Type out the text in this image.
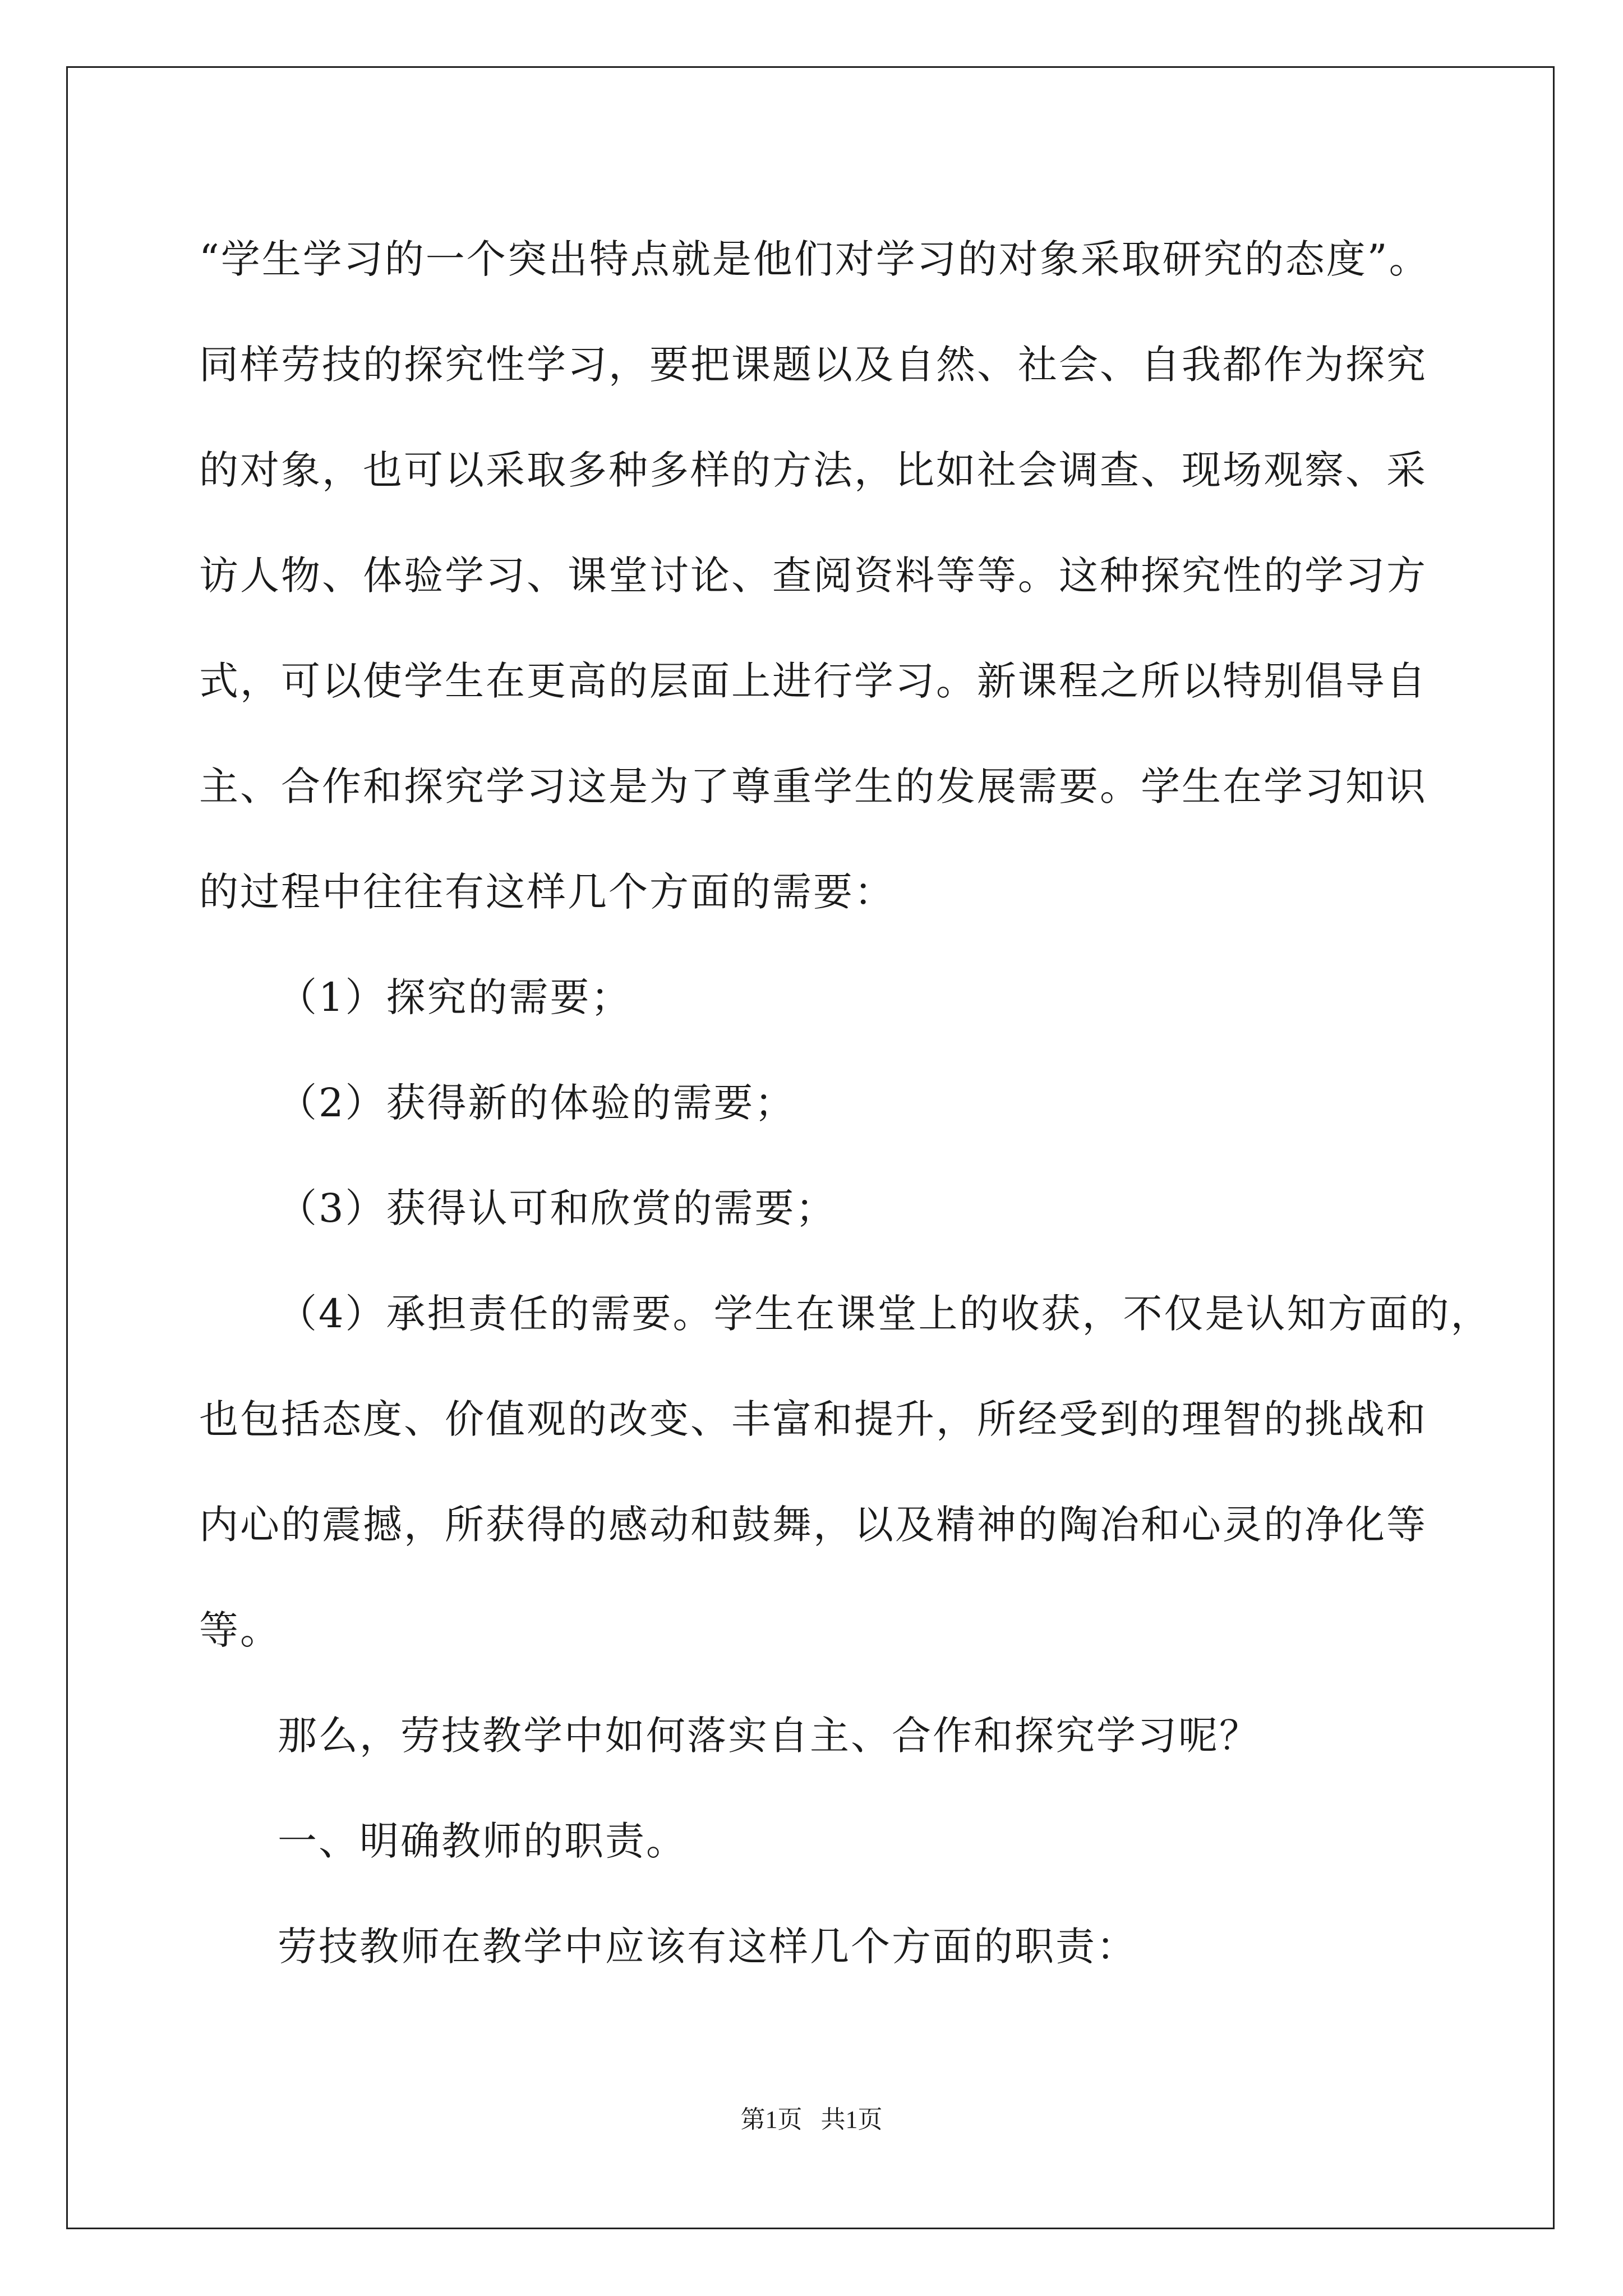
“学生学习的一个突出特点就是他们对学习的对象采取研究的态度”。
同样劳技的探究性学习，要把课题以及自然、社会、自我都作为探究
的对象，也可以采取多种多样的方法，比如社会调查、现场观察、采
访人物、体验学习、课堂讨论、查阅资料等等。这种探究性的学习方
式，可以使学生在更高的层面上进行学习。新课程之所以特别倡导自
主、合作和探究学习这是为了尊重学生的发展需要。学生在学习知识
的过程中往往有这样几个方面的需要：
（1）探究的需要；
（2）获得新的体验的需要；
（3）获得认可和欣赏的需要；
（4）承担责任的需要。学生在课堂上的收获，不仅是认知方面的，
也包括态度、价值观的改变、丰富和提升，所经受到的理智的挑战和
内心的震撼，所获得的感动和鼓舞，以及精神的陶冶和心灵的净化等
等。
那么，劳技教学中如何落实自主、合作和探究学习呢？
一、明确教师的职责。
劳技教师在教学中应该有这样几个方面的职责：
第1页   共1页
